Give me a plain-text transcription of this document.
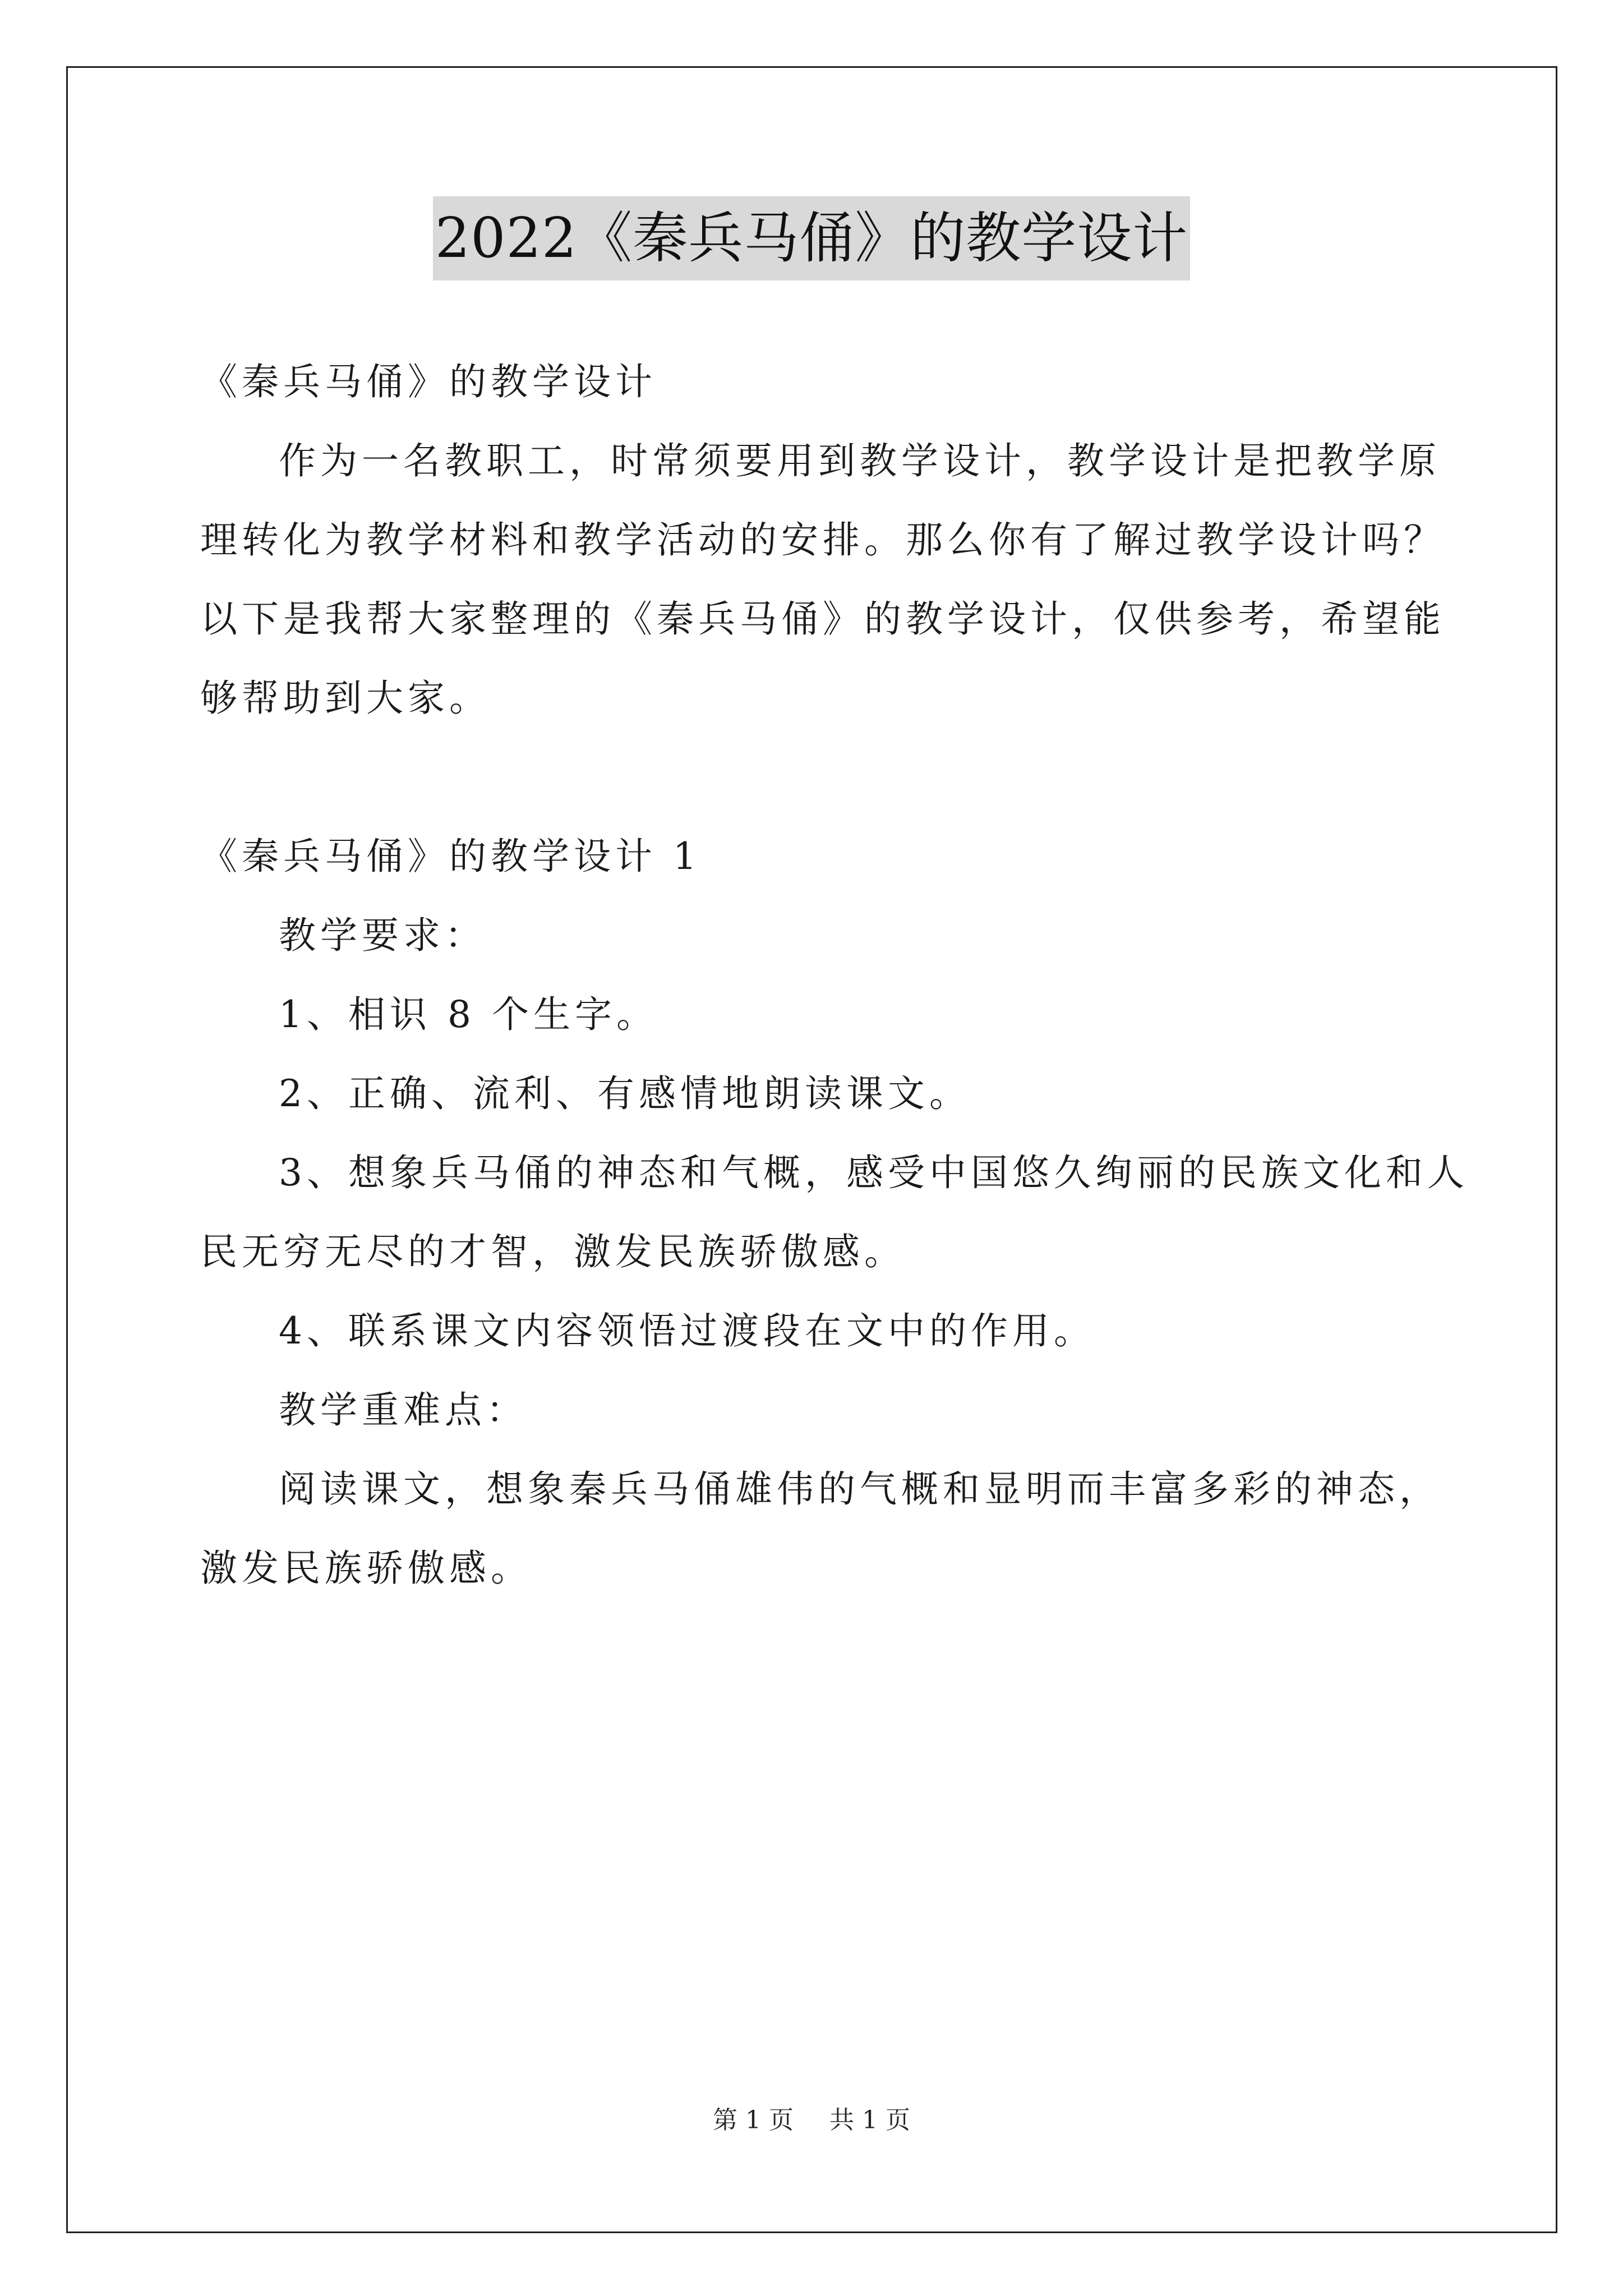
2022《秦兵马俑》的教学设计
《秦兵马俑》的教学设计
作为一名教职工，时常须要用到教学设计，教学设计是把教学原
理转化为教学材料和教学活动的安排。那么你有了解过教学设计吗？
以下是我帮大家整理的《秦兵马俑》的教学设计，仅供参考，希望能
够帮助到大家。
《秦兵马俑》的教学设计 1
教学要求：
1、相识 8 个生字。
2、正确、流利、有感情地朗读课文。
3、想象兵马俑的神态和气概，感受中国悠久绚丽的民族文化和人
民无穷无尽的才智，激发民族骄傲感。
4、联系课文内容领悟过渡段在文中的作用。
教学重难点：
阅读课文，想象秦兵马俑雄伟的气概和显明而丰富多彩的神态，
激发民族骄傲感。
第 1 页 共 1 页
